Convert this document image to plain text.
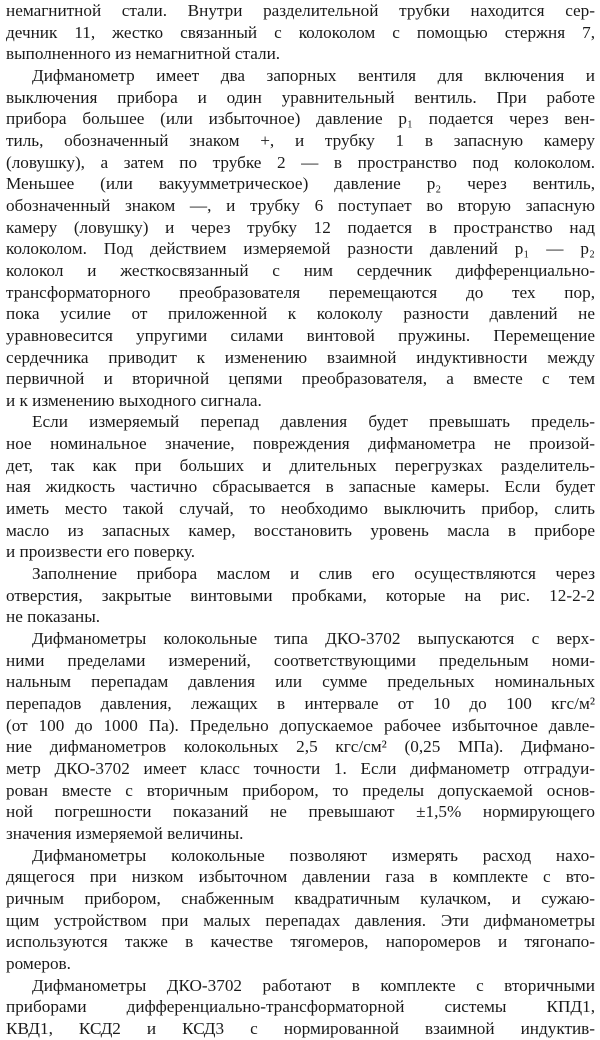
немагнитной стали. Внутри разделительной трубки находится сер-
дечник 11, жестко связанный с колоколом с помощью стержня 7,
выполненного из немагнитной стали.
Дифманометр имеет два запорных вентиля для включения и
выключения прибора и один уравнительный вентиль. При работе
прибора большее (или избыточное) давление p₁ подается через вен-
тиль, обозначенный знаком +, и трубку 1 в запасную камеру
(ловушку), а затем по трубке 2 — в пространство под колоколом.
Меньшее (или вакуумметрическое) давление p₂ через вентиль,
обозначенный знаком —, и трубку 6 поступает во вторую запасную
камеру (ловушку) и через трубку 12 подается в пространство над
колоколом. Под действием измеряемой разности давлений p₁ — p₂
колокол и жесткосвязанный с ним сердечник дифференциально-
трансформаторного преобразователя перемещаются до тех пор,
пока усилие от приложенной к колоколу разности давлений не
уравновесится упругими силами винтовой пружины. Перемещение
сердечника приводит к изменению взаимной индуктивности между
первичной и вторичной цепями преобразователя, а вместе с тем
и к изменению выходного сигнала.
Если измеряемый перепад давления будет превышать предель-
ное номинальное значение, повреждения дифманометра не произой-
дет, так как при больших и длительных перегрузках разделитель-
ная жидкость частично сбрасывается в запасные камеры. Если будет
иметь место такой случай, то необходимо выключить прибор, слить
масло из запасных камер, восстановить уровень масла в приборе
и произвести его поверку.
Заполнение прибора маслом и слив его осуществляются через
отверстия, закрытые винтовыми пробками, которые на рис. 12-2-2
не показаны.
Дифманометры колокольные типа ДКО-3702 выпускаются с верх-
ними пределами измерений, соответствующими предельным номи-
нальным перепадам давления или сумме предельных номинальных
перепадов давления, лежащих в интервале от 10 до 100 кгс/м²
(от 100 до 1000 Па). Предельно допускаемое рабочее избыточное давле-
ние дифманометров колокольных 2,5 кгс/см² (0,25 МПа). Дифмано-
метр ДКО-3702 имеет класс точности 1. Если дифманометр отградуи-
рован вместе с вторичным прибором, то пределы допускаемой основ-
ной погрешности показаний не превышают ±1,5% нормирующего
значения измеряемой величины.
Дифманометры колокольные позволяют измерять расход нахо-
дящегося при низком избыточном давлении газа в комплекте с вто-
ричным прибором, снабженным квадратичным кулачком, и сужаю-
щим устройством при малых перепадах давления. Эти дифманометры
используются также в качестве тягомеров, напоромеров и тягонапо-
ромеров.
Дифманометры ДКО-3702 работают в комплекте с вторичными
приборами дифференциально-трансформаторной системы КПД1,
КВД1, КСД2 и КСД3 с нормированной взаимной индуктив-
